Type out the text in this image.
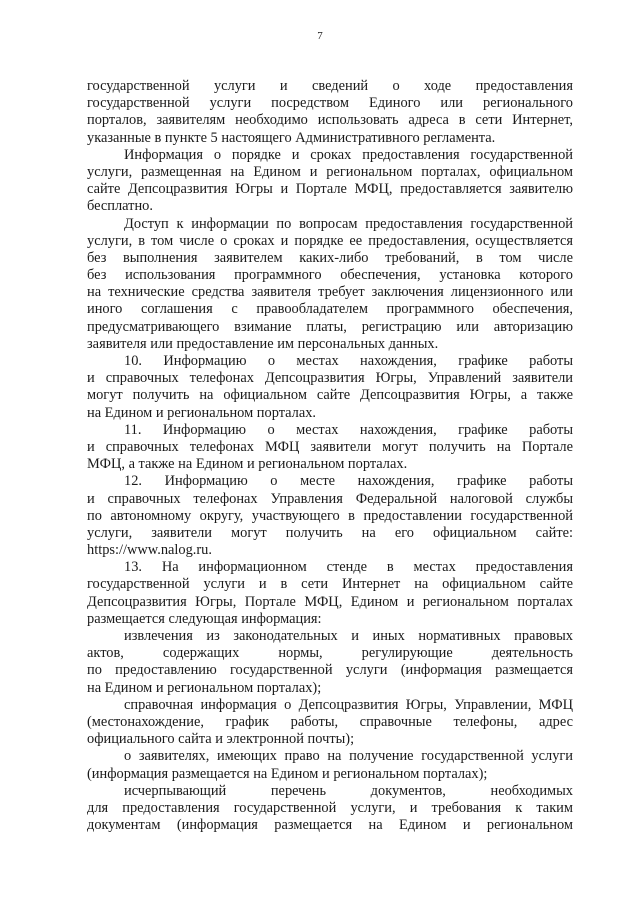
7
государственной услуги и сведений о ходе предоставления
государственной услуги посредством Единого или регионального
порталов, заявителям необходимо использовать адреса в сети Интернет,
указанные в пункте 5 настоящего Административного регламента.
Информация о порядке и сроках предоставления государственной
услуги, размещенная на Едином и региональном порталах, официальном
сайте Депсоцразвития Югры и Портале МФЦ, предоставляется заявителю
бесплатно.
Доступ к информации по вопросам предоставления государственной
услуги, в том числе о сроках и порядке ее предоставления, осуществляется
без выполнения заявителем каких-либо требований, в том числе
без использования программного обеспечения, установка которого
на технические средства заявителя требует заключения лицензионного или
иного соглашения с правообладателем программного обеспечения,
предусматривающего взимание платы, регистрацию или авторизацию
заявителя или предоставление им персональных данных.
10. Информацию о местах нахождения, графике работы
и справочных телефонах Депсоцразвития Югры, Управлений заявители
могут получить на официальном сайте Депсоцразвития Югры, а также
на Едином и региональном порталах.
11. Информацию о местах нахождения, графике работы
и справочных телефонах МФЦ заявители могут получить на Портале
МФЦ, а также на Едином и региональном порталах.
12. Информацию о месте нахождения, графике работы
и справочных телефонах Управления Федеральной налоговой службы
по автономному округу, участвующего в предоставлении государственной
услуги, заявители могут получить на его официальном сайте:
https://www.nalog.ru.
13. На информационном стенде в местах предоставления
государственной услуги и в сети Интернет на официальном сайте
Депсоцразвития Югры, Портале МФЦ, Едином и региональном порталах
размещается следующая информация:
извлечения из законодательных и иных нормативных правовых
актов, содержащих нормы, регулирующие деятельность
по предоставлению государственной услуги (информация размещается
на Едином и региональном порталах);
справочная информация о Депсоцразвития Югры, Управлении, МФЦ
(местонахождение, график работы, справочные телефоны, адрес
официального сайта и электронной почты);
о заявителях, имеющих право на получение государственной услуги
(информация размещается на Едином и региональном порталах);
исчерпывающий перечень документов, необходимых
для предоставления государственной услуги, и требования к таким
документам (информация размещается на Едином и региональном
